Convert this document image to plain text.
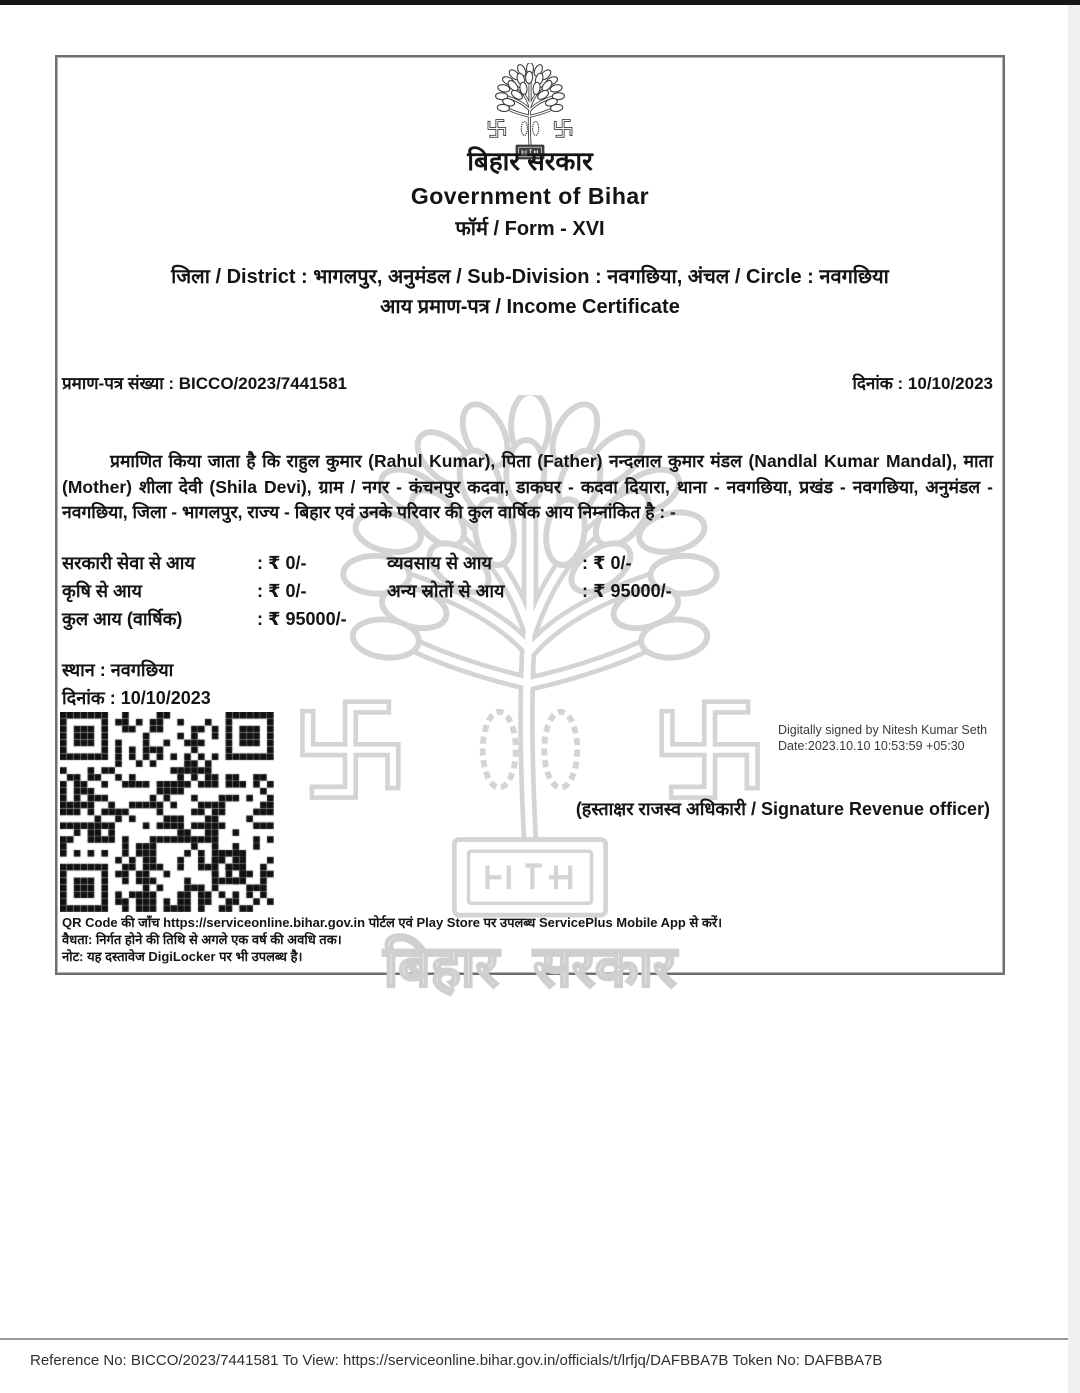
बिहार सरकार
बिहार सरकार
Government of Bihar
फॉर्म / Form - XVI
जिला / District : भागलपुर, अनुमंडल / Sub-Division : नवगछिया, अंचल / Circle : नवगछिया
आय प्रमाण-पत्र / Income Certificate
प्रमाण-पत्र संख्या : BICCO/2023/7441581	दिनांक : 10/10/2023
प्रमाणित किया जाता है कि राहुल कुमार (Rahul Kumar), पिता (Father) नन्दलाल कुमार मंडल (Nandlal Kumar Mandal), माता (Mother) शीला देवी (Shila Devi), ग्राम / नगर - कंचनपुर कदवा, डाकघर - कदवा दियारा, थाना - नवगछिया, प्रखंड - नवगछिया, अनुमंडल - नवगछिया, जिला - भागलपुर, राज्य - बिहार एवं उनके परिवार की कुल वार्षिक आय निम्नांकित है : -
सरकारी सेवा से आय	: ₹ 0/-	व्यवसाय से आय	: ₹ 0/-
कृषि से आय	: ₹ 0/-	अन्य स्रोतों से आय	: ₹ 95000/-
कुल आय (वार्षिक)	: ₹ 95000/-
स्थान : नवगछिया
दिनांक : 10/10/2023
Digitally signed by Nitesh Kumar Seth
Date:2023.10.10 10:53:59 +05:30
(हस्ताक्षर राजस्व अधिकारी / Signature Revenue officer)
QR Code की जाँच https://serviceonline.bihar.gov.in पोर्टल एवं Play Store पर उपलब्ध ServicePlus Mobile App से करें।
वैधता: निर्गत होने की तिथि से अगले एक वर्ष की अवधि तक।
नोट: यह दस्तावेज DigiLocker पर भी उपलब्ध है।
Reference No: BICCO/2023/7441581 To View: https://serviceonline.bihar.gov.in/officials/t/lrfjq/DAFBBA7B Token No: DAFBBA7B
